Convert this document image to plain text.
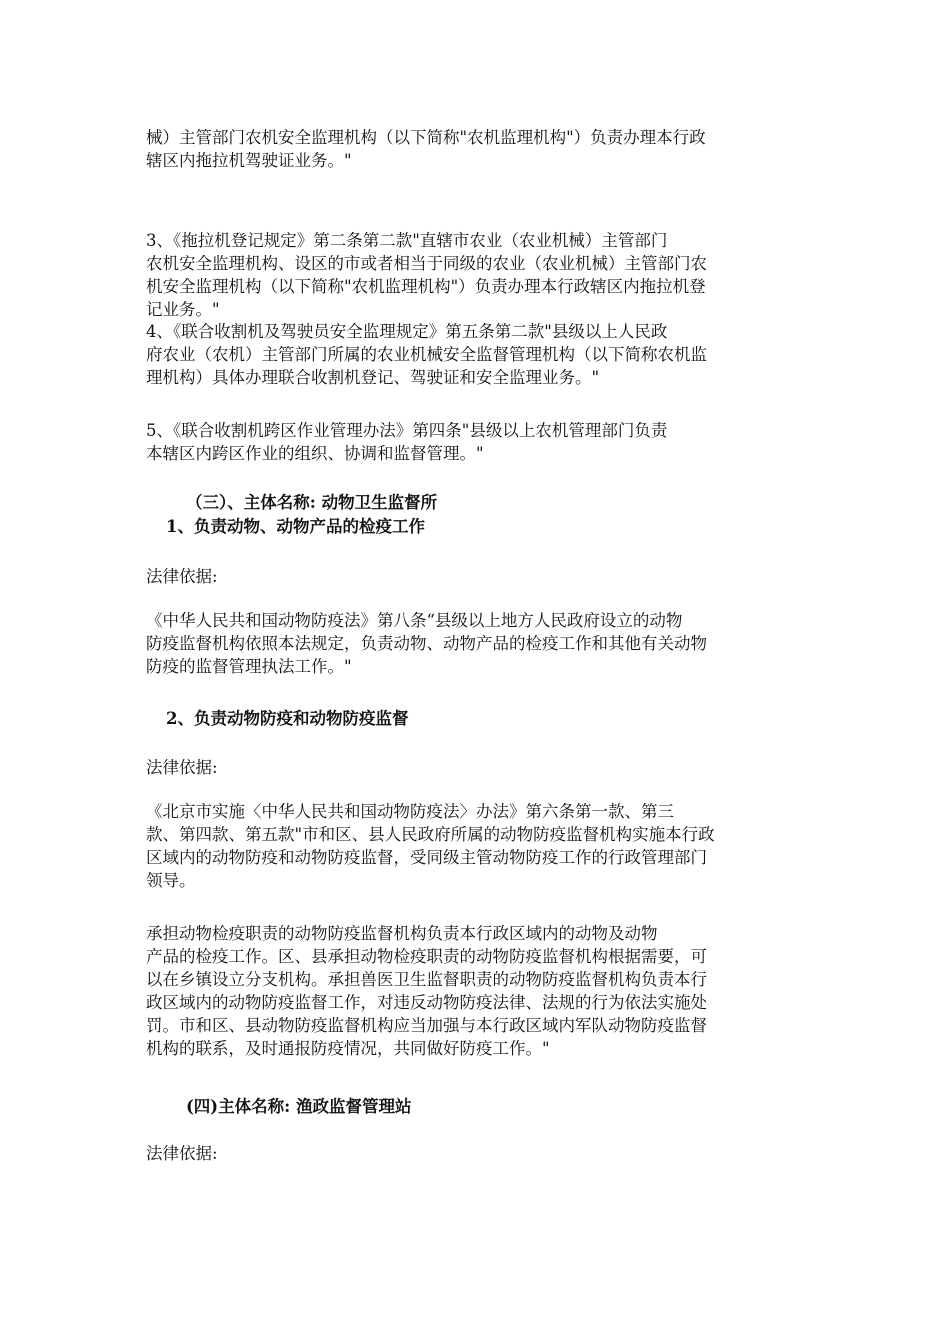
械）主管部门农机安全监理机构（以下简称"农机监理机构"）负责办理本行政
辖区内拖拉机驾驶证业务。"
3、《拖拉机登记规定》第二条第二款"直辖市农业（农业机械）主管部门
农机安全监理机构、设区的市或者相当于同级的农业（农业机械）主管部门农
机安全监理机构（以下简称"农机监理机构"）负责办理本行政辖区内拖拉机登
记业务。"
4、《联合收割机及驾驶员安全监理规定》第五条第二款"县级以上人民政
府农业（农机）主管部门所属的农业机械安全监督管理机构（以下简称农机监
理机构）具体办理联合收割机登记、驾驶证和安全监理业务。"
5、《联合收割机跨区作业管理办法》第四条"县级以上农机管理部门负责
本辖区内跨区作业的组织、协调和监督管理。"
（三）、主体名称: 动物卫生监督所
1、负责动物、动物产品的检疫工作
法律依据:
《中华人民共和国动物防疫法》第八条“县级以上地方人民政府设立的动物
防疫监督机构依照本法规定，负责动物、动物产品的检疫工作和其他有关动物
防疫的监督管理执法工作。"
2、负责动物防疫和动物防疫监督
法律依据:
《北京市实施〈中华人民共和国动物防疫法〉办法》第六条第一款、第三
款、第四款、第五款"市和区、县人民政府所属的动物防疫监督机构实施本行政
区域内的动物防疫和动物防疫监督，受同级主管动物防疫工作的行政管理部门
领导。
承担动物检疫职责的动物防疫监督机构负责本行政区域内的动物及动物
产品的检疫工作。区、县承担动物检疫职责的动物防疫监督机构根据需要，可
以在乡镇设立分支机构。承担兽医卫生监督职责的动物防疫监督机构负责本行
政区域内的动物防疫监督工作，对违反动物防疫法律、法规的行为依法实施处
罚。市和区、县动物防疫监督机构应当加强与本行政区域内军队动物防疫监督
机构的联系，及时通报防疫情况，共同做好防疫工作。"
(四)主体名称: 渔政监督管理站
法律依据:
